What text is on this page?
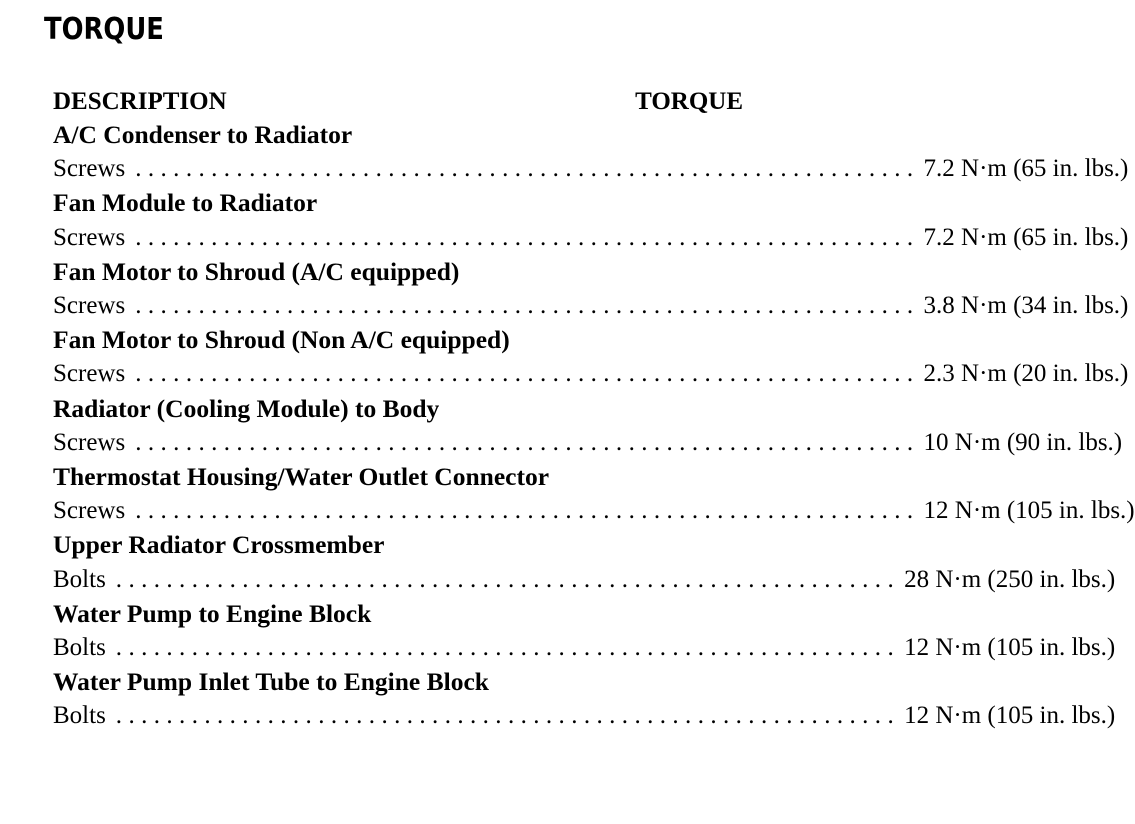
TORQUE
DESCRIPTION	TORQUE
A/C Condenser to Radiator
Screws .............................................................. 7.2 N·m (65 in. lbs.)
Fan Module to Radiator
Screws .............................................................. 7.2 N·m (65 in. lbs.)
Fan Motor to Shroud (A/C equipped)
Screws .............................................................. 3.8 N·m (34 in. lbs.)
Fan Motor to Shroud (Non A/C equipped)
Screws .............................................................. 2.3 N·m (20 in. lbs.)
Radiator (Cooling Module) to Body
Screws .............................................................. 10 N·m (90 in. lbs.)
Thermostat Housing/Water Outlet Connector
Screws .............................................................. 12 N·m (105 in. lbs.)
Upper Radiator Crossmember
Bolts .............................................................. 28 N·m (250 in. lbs.)
Water Pump to Engine Block
Bolts .............................................................. 12 N·m (105 in. lbs.)
Water Pump Inlet Tube to Engine Block
Bolts .............................................................. 12 N·m (105 in. lbs.)
